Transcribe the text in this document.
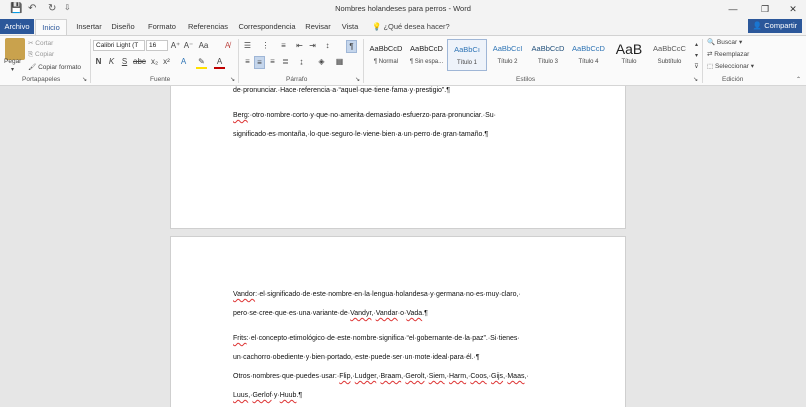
💾 ↶ ↻ ⇩	Nombres holandeses para perros - Word	—	❐	✕
Archivo	Inicio	Insertar	Diseño	Formato	Referencias	Correspondencia	Revisar	Vista	💡 ¿Qué desea hacer?	👤 Compartir
Pegar
▾
✂ Cortar
⎘ Copiar
🖌 Copiar formato
Portapapeles	↘
Calibri Light (T	16	A⁺ A⁻ Aa	A̸
N K S abc x₂ x²	A	✎	A
Fuente	↘
☰ ⋮	≡	⇤ ⇥	↕	¶
≡ ≡	≡ ≣	↨	◈	▦
Párrafo	↘
AaBbCcD
¶ Normal
AaBbCcD
¶ Sin espa...
AaBbCı
Título 1
AaBbCcI
Título 2
AaBbCcD
Título 3
AaBbCcD
Título 4
AaB
Título
AaBbCcC
Subtítulo
▴
▾
⊽
Estilos	↘
🔍 Buscar ▾
⇄ Reemplazar
⬚ Seleccionar ▾
Edición	⌃
de·pronunciar.·Hace·referencia·a·“aquel·que·tiene·fama·y·prestigio”.¶
Berg:·otro·nombre·corto·y·que·no·amerita·demasiado·esfuerzo·para·pronunciar.·Su·
significado·es·montaña,·lo·que·seguro·le·viene·bien·a·un·perro·de·gran·tamaño.¶
Vandor:·el·significado·de·este·nombre·en·la·lengua·holandesa·y·germana·no·es·muy·claro,·
pero·se·cree·que·es·una·variante·de·Vandyr,·Vandar·o·Vada.¶
Frits:·el·concepto·etimológico·de·este·nombre·significa·“el·gobernante·de·la·paz”.·Si·tienes·
un·cachorro·obediente·y·bien·portado,·este·puede·ser·un·mote·ideal·para·él.·¶
Otros·nombres·que·puedes·usar:·Flip,·Ludger,·Braam,·Gerolt,·Siem,·Harm,·Coos,·Gijs,·Maas,·
Luus,·Gerlof·y·Huub.¶
